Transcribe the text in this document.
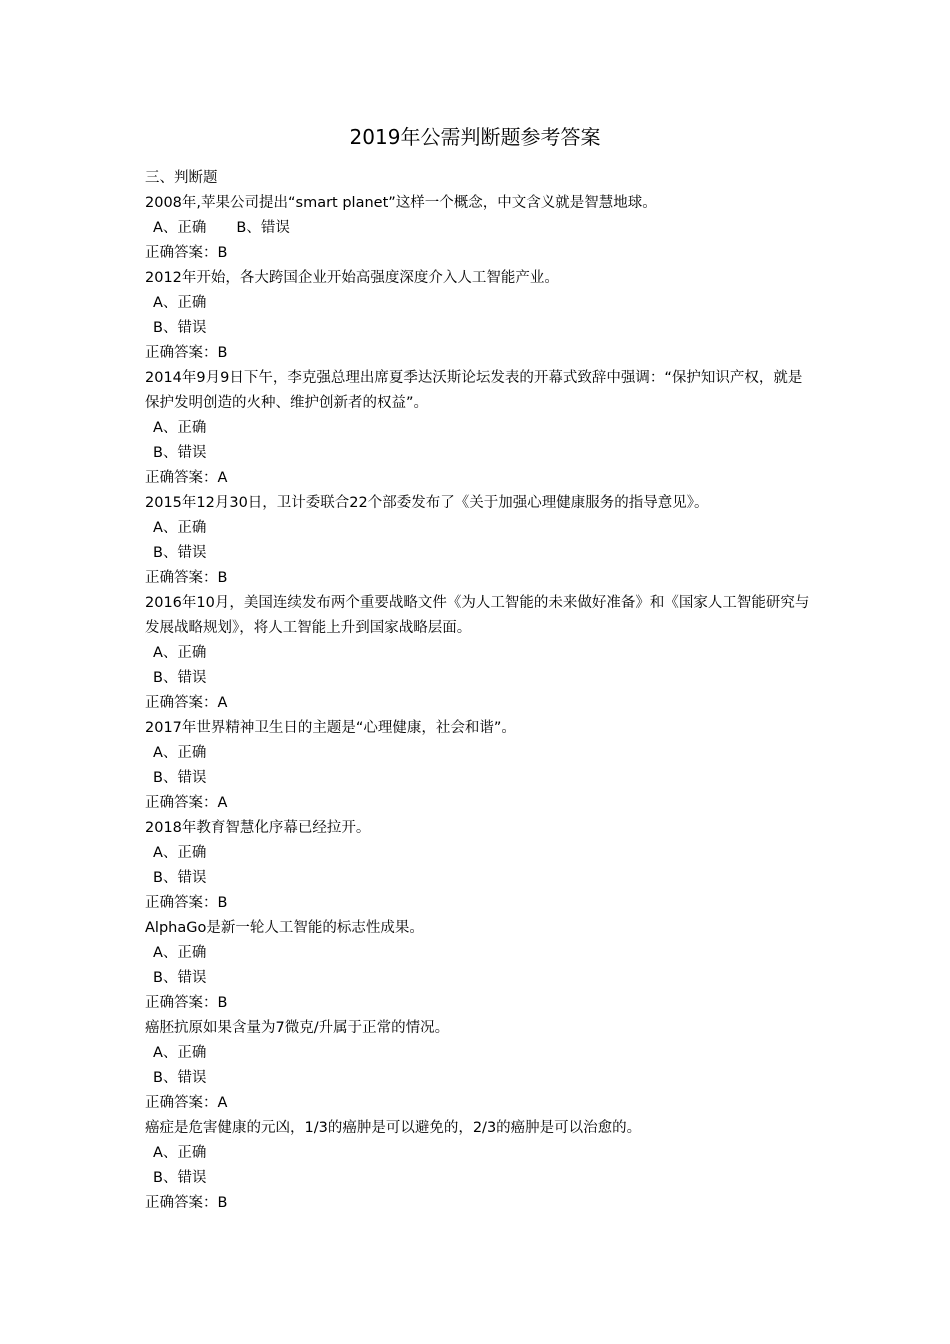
2019年公需判断题参考答案
三、判断题
2008年,苹果公司提出“smart planet”这样一个概念，中文含义就是智慧地球。
A、正确 B、错误
正确答案：B
2012年开始，各大跨国企业开始高强度深度介入人工智能产业。
A、正确
B、错误
正确答案：B
2014年9月9日下午，李克强总理出席夏季达沃斯论坛发表的开幕式致辞中强调：“保护知识产权，就是保护发明创造的火种、维护创新者的权益”。
A、正确
B、错误
正确答案：A
2015年12月30日，卫计委联合22个部委发布了《关于加强心理健康服务的指导意见》。
A、正确
B、错误
正确答案：B
2016年10月，美国连续发布两个重要战略文件《为人工智能的未来做好准备》和《国家人工智能研究与发展战略规划》，将人工智能上升到国家战略层面。
A、正确
B、错误
正确答案：A
2017年世界精神卫生日的主题是“心理健康，社会和谐”。
A、正确
B、错误
正确答案：A
2018年教育智慧化序幕已经拉开。
A、正确
B、错误
正确答案：B
AlphaGo是新一轮人工智能的标志性成果。
A、正确
B、错误
正确答案：B
癌胚抗原如果含量为7微克/升属于正常的情况。
A、正确
B、错误
正确答案：A
癌症是危害健康的元凶，1/3的癌肿是可以避免的，2/3的癌肿是可以治愈的。
A、正确
B、错误
正确答案：B
